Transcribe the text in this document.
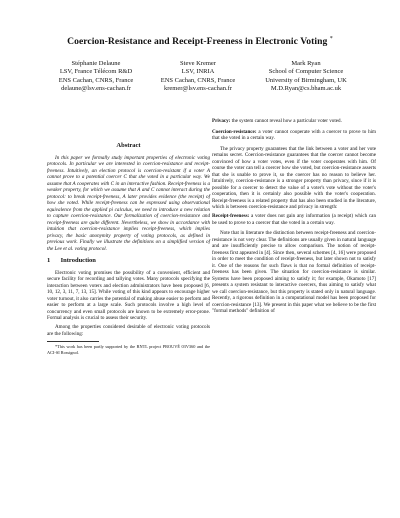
Coercion-Resistance and Receipt-Freeness in Electronic Voting *
Stéphanie Delaune
LSV, France Télécom R&D
ENS Cachan, CNRS, France
delaune@lsv.ens-cachan.fr
Steve Kremer
LSV, INRIA
ENS Cachan, CNRS, France
kremer@lsv.ens-cachan.fr
Mark Ryan
School of Computer Science
University of Birmingham, UK
M.D.Ryan@cs.bham.ac.uk
Abstract

In this paper we formally study important properties of electronic voting protocols. In particular we are interested in coercion-resistance and receipt-freeness. Intuitively, an election protocol is coercion-resistant if a voter A cannot prove to a potential coercer C that she voted in a particular way. We assume that A cooperates with C in an interactive fashion. Receipt-freeness is a weaker property, for which we assume that A and C cannot interact during the protocol: to break receipt-freeness, A later provides evidence (the receipt) of how she voted. While receipt-freeness can be expressed using observational equivalence from the applied pi calculus, we need to introduce a new relation to capture coercion-resistance. Our formalization of coercion-resistance and receipt-freeness are quite different. Nevertheless, we show in accordance with intuition that coercion-resistance implies receipt-freeness, which implies privacy, the basic anonymity property of voting protocols, as defined in previous work. Finally we illustrate the definitions on a simplified version of the Lee et al. voting protocol.

1 Introduction

Electronic voting promises the possibility of a convenient, efficient and secure facility for recording and tallying votes. Many protocols specifying the interaction between voters and election administrators have been proposed [6, 10, 12, 3, 11, 7, 13, 15]. While voting of this kind appears to encourage higher voter turnout, it also carries the potential of making abuse easier to perform and easier to perform at a large scale. Such protocols involve a high level of concurrency and even small protocols are known to be extremely error-prone. Formal analysis is crucial to assess their security.

Among the properties considered desirable of electronic voting protocols are the following:

*This work has been partly supported by the RNTL project PROUVÉ 03V360 and the ACI-SI Rossignol.
Privacy: the system cannot reveal how a particular voter voted.
Coercion-resistance: a voter cannot cooperate with a coercer to prove to him that she voted in a certain way.

The privacy property guarantees that the link between a voter and her vote remains secret. Coercion-resistance guarantees that the coercer cannot become convinced of how a voter votes, even if the voter cooperates with him. Of course the voter can tell a coercer how she voted, but coercion-resistance asserts that she is unable to prove it, so the coercer has no reason to believe her. Intuitively, coercion-resistance is a stronger property than privacy, since if it is possible for a coercer to detect the value of a voter's vote without the voter's cooperation, then it is certainly also possible with the voter's cooperation. Receipt-freeness is a related property that has also been studied in the literature, which is between coercion-resistance and privacy in strength:

Receipt-freeness: a voter does not gain any information (a receipt) which can be used to prove to a coercer that she voted in a certain way.

Note that in literature the distinction between receipt-freeness and coercion-resistance is not very clear. The definitions are usually given in natural language and are insufficiently precise to allow comparison. The notion of receipt-freeness first appeared in [4]. Since then, several schemes [4, 16] were proposed in order to meet the condition of receipt-freeness, but later shown not to satisfy it. One of the reasons for such flaws is that no formal definition of receipt-freeness has been given. The situation for coercion-resistance is similar. Systems have been proposed aiming to satisfy it; for example, Okamoto [17] presents a system resistant to interactive coercers, thus aiming to satisfy what we call coercion-resistance, but this property is stated only in natural language. Recently, a rigorous definition in a computational model has been proposed for coercion-resistance [13]. We present in this paper what we believe to be the first "formal methods" definition of
